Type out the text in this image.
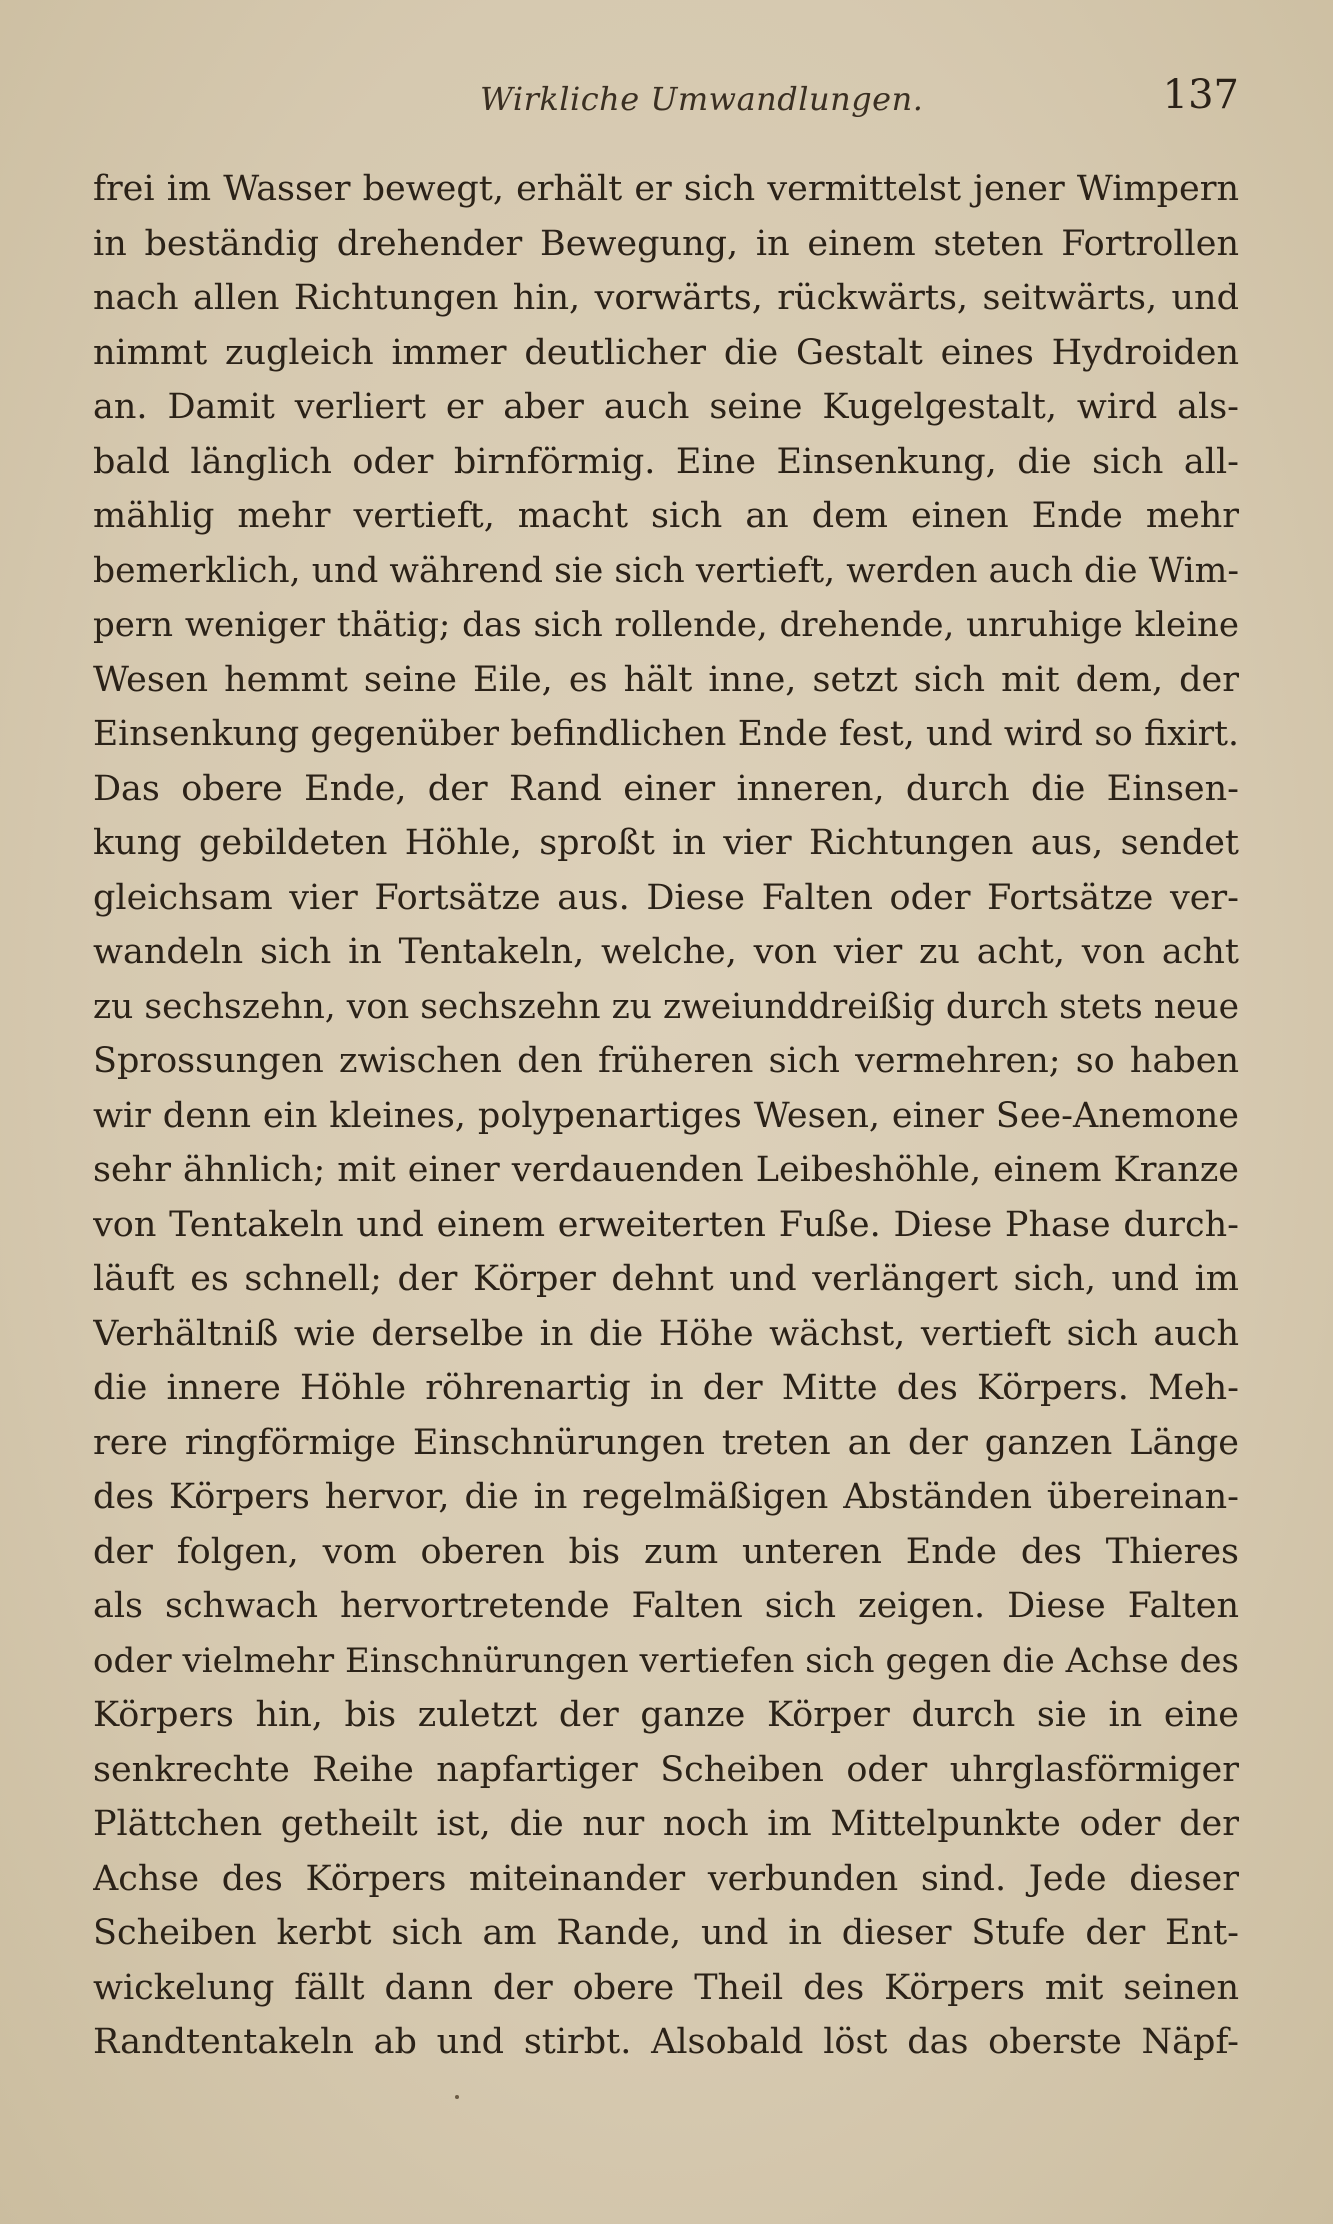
Wirkliche Umwandlungen.	137
frei im Wasser bewegt, erhält er sich vermittelst jener Wimpern
in beständig drehender Bewegung, in einem steten Fortrollen
nach allen Richtungen hin, vorwärts, rückwärts, seitwärts, und
nimmt zugleich immer deutlicher die Gestalt eines Hydroiden
an. Damit verliert er aber auch seine Kugelgestalt, wird als-
bald länglich oder birnförmig. Eine Einsenkung, die sich all-
mählig mehr vertieft, macht sich an dem einen Ende mehr
bemerklich, und während sie sich vertieft, werden auch die Wim-
pern weniger thätig; das sich rollende, drehende, unruhige kleine
Wesen hemmt seine Eile, es hält inne, setzt sich mit dem, der
Einsenkung gegenüber befindlichen Ende fest, und wird so fixirt.
Das obere Ende, der Rand einer inneren, durch die Einsen-
kung gebildeten Höhle, sproßt in vier Richtungen aus, sendet
gleichsam vier Fortsätze aus. Diese Falten oder Fortsätze ver-
wandeln sich in Tentakeln, welche, von vier zu acht, von acht
zu sechszehn, von sechszehn zu zweiunddreißig durch stets neue
Sprossungen zwischen den früheren sich vermehren; so haben
wir denn ein kleines, polypenartiges Wesen, einer See-Anemone
sehr ähnlich; mit einer verdauenden Leibeshöhle, einem Kranze
von Tentakeln und einem erweiterten Fuße. Diese Phase durch-
läuft es schnell; der Körper dehnt und verlängert sich, und im
Verhältniß wie derselbe in die Höhe wächst, vertieft sich auch
die innere Höhle röhrenartig in der Mitte des Körpers. Meh-
rere ringförmige Einschnürungen treten an der ganzen Länge
des Körpers hervor, die in regelmäßigen Abständen übereinan-
der folgen, vom oberen bis zum unteren Ende des Thieres
als schwach hervortretende Falten sich zeigen. Diese Falten
oder vielmehr Einschnürungen vertiefen sich gegen die Achse des
Körpers hin, bis zuletzt der ganze Körper durch sie in eine
senkrechte Reihe napfartiger Scheiben oder uhrglasförmiger
Plättchen getheilt ist, die nur noch im Mittelpunkte oder der
Achse des Körpers miteinander verbunden sind. Jede dieser
Scheiben kerbt sich am Rande, und in dieser Stufe der Ent-
wickelung fällt dann der obere Theil des Körpers mit seinen
Randtentakeln ab und stirbt. Alsobald löst das oberste Näpf-
